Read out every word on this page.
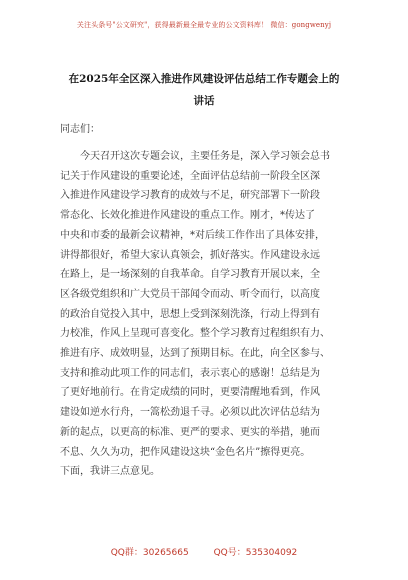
关注头条号"公文研究"，获得最新最全最专业的公文资料库！ 微信：gongwenyj
在2025年全区深入推进作风建设评估总结工作专题会上的
讲话
同志们：
今天召开这次专题会议，主要任务是，深入学习领会总书
记关于作风建设的重要论述，全面评估总结前一阶段全区深
入推进作风建设学习教育的成效与不足，研究部署下一阶段
常态化、长效化推进作风建设的重点工作。刚才，*传达了
中央和市委的最新会议精神，*对后续工作作出了具体安排，
讲得都很好，希望大家认真领会，抓好落实。作风建设永远
在路上，是一场深刻的自我革命。自学习教育开展以来，全
区各级党组织和广大党员干部闻令而动、听令而行，以高度
的政治自觉投入其中，思想上受到深刻洗涤，行动上得到有
力校准，作风上呈现可喜变化。整个学习教育过程组织有力、
推进有序、成效明显，达到了预期目标。在此，向全区参与、
支持和推动此项工作的同志们，表示衷心的感谢！总结是为
了更好地前行。在肯定成绩的同时，更要清醒地看到，作风
建设如逆水行舟，一篙松劲退千寻。必须以此次评估总结为
新的起点，以更高的标准、更严的要求、更实的举措，驰而
不息、久久为功，把作风建设这块“金色名片”擦得更亮。
下面，我讲三点意见。
QQ群：30265665	QQ号：535304092
